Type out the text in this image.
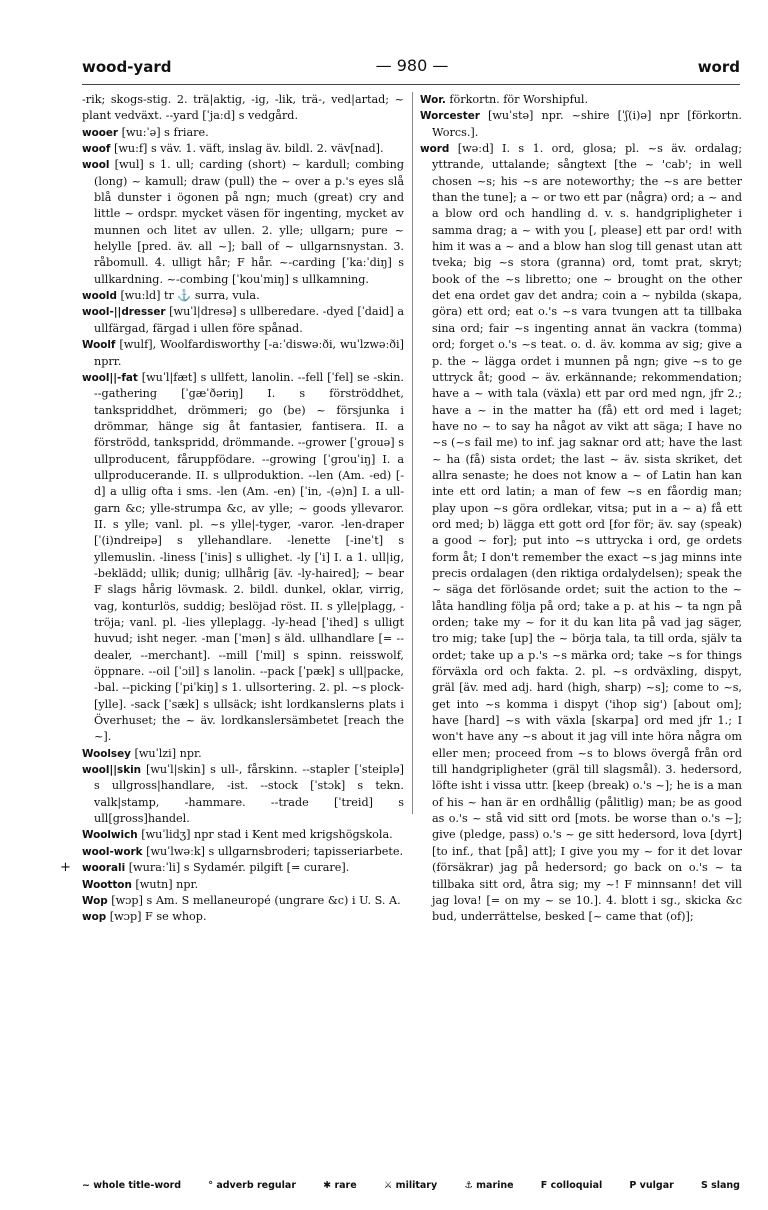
wood-yard	— 980 —	word

-rik; skogs-stig. 2. trä|aktig, -ig, -lik, trä-, ved|artad; ~ plant vedväxt. --yard [ˈjaːd] s vedgård.

wooer [wu:ˈə] s friare.

woof [wu:f] s väv. 1. väft, inslag äv. bildl. 2. väv[nad].

wool [wul] s 1. ull; carding (short) ~ kardull; combing (long) ~ kamull; draw (pull) the ~ over a p.'s eyes slå blå dunster i ögonen på ngn; much (great) cry and little ~ ordspr. mycket väsen för ingenting, mycket av munnen och litet av ullen. 2. ylle; ullgarn; pure ~ helylle [pred. äv. all ~]; ball of ~ ullgarnsnystan. 3. råbomull. 4. ulligt hår; F hår. ~-carding [ˈkaːˈdiŋ] s ullkardning. ~-combing [ˈkouˈmiŋ] s ullkamning.

woold [wu:ld] tr ⚓ surra, vula.

wool-||dresser [wuˈl|dresə] s ullberedare. -dyed [ˈdaid] a ullfärgad, färgad i ullen före spånad.

Woolf [wulf], Woolfardisworthy [-aːˈdiswəːði, wuˈlzwəːði] nprr.

wool||-fat [wuˈl|fæt] s ullfett, lanolin. --fell [ˈfel] se -skin. --gathering [ˈgæˈðəriŋ] I. s förströddhet, tankspriddhet, drömmeri; go (be) ~ försjunka i drömmar, hänge sig åt fantasier, fantisera. II. a förströdd, tankspridd, drömmande. --grower [ˈgrouə] s ullproducent, fåruppfödare. --growing [ˈgrouˈiŋ] I. a ullproducerande. II. s ullproduktion. --len (Am. -ed) [-d] a ullig ofta i sms. -len (Am. -en) [ˈin, -(ə)n] I. a ull-garn &c; ylle-strumpa &c, av ylle; ~ goods yllevaror. II. s ylle; vanl. pl. ~s ylle|-tyger, -varor. -len-draper [ˈ(i)ndreipə] s yllehandlare. -lenette [-ineˈt] s yllemuslin. -liness [ˈinis] s ullighet. -ly [ˈi] I. a 1. ull|ig, -beklädd; ullik; dunig; ullhårig [äv. -ly-haired]; ~ bear F slags hårig lövmask. 2. bildl. dunkel, oklar, virrig, vag, konturlös, suddig; beslöjad röst. II. s ylle|plagg, -tröja; vanl. pl. -lies ylleplagg. -ly-head [ˈihed] s ulligt huvud; isht neger. -man [ˈmən] s äld. ullhandlare [= --dealer, --merchant]. --mill [ˈmil] s spinn. reisswolf, öppnare. --oil [ˈɔil] s lanolin. --pack [ˈpæk] s ull|packe, -bal. --picking [ˈpiˈkiŋ] s 1. ullsortering. 2. pl. ~s plock-[ylle]. -sack [ˈsæk] s ullsäck; isht lordkanslerns plats i Överhuset; the ~ äv. lordkanslersämbetet [reach the ~].

Woolsey [wuˈlzi] npr.

wool||skin [wuˈl|skin] s ull-, fårskinn. --stapler [ˈsteiplə] s ullgross|handlare, -ist. --stock [ˈstɔk] s tekn. valk|stamp, -hammare. --trade [ˈtreid] s ull[gross]handel.

Woolwich [wuˈlidʒ] npr stad i Kent med krigshögskola.

wool-work [wuˈlwəːk] s ullgarnsbroderi; tapisseriarbete.

+ woorali [wuraːˈli] s Sydamér. pilgift [= curare].

Wootton [wutn] npr.

Wop [wɔp] s Am. S mellaneuropé (ungrare &c) i U. S. A.

wop [wɔp] F se whop.

Wor. förkortn. för Worshipful.

Worcester [wuˈstə] npr. ~shire [ˈʃ(i)ə] npr [förkortn. Worcs.].

word [wəːd] I. s 1. ord, glosa; pl. ~s äv. ordalag; yttrande, uttalande; sångtext [the ~ 'cab'; in well chosen ~s; his ~s are noteworthy; the ~s are better than the tune]; a ~ or two ett par (några) ord; a ~ and a blow ord och handling d. v. s. handgripligheter i samma drag; a ~ with you [, please] ett par ord! with him it was a ~ and a blow han slog till genast utan att tveka; big ~s stora (granna) ord, tomt prat, skryt; book of the ~s libretto; one ~ brought on the other det ena ordet gav det andra; coin a ~ nybilda (skapa, göra) ett ord; eat o.'s ~s vara tvungen att ta tillbaka sina ord; fair ~s ingenting annat än vackra (tomma) ord; forget o.'s ~s teat. o. d. äv. komma av sig; give a p. the ~ lägga ordet i munnen på ngn; give ~s to ge uttryck åt; good ~ äv. erkännande; rekommendation; have a ~ with tala (växla) ett par ord med ngn, jfr 2.; have a ~ in the matter ha (få) ett ord med i laget; have no ~ to say ha något av vikt att säga; I have no ~s (~s fail me) to inf. jag saknar ord att; have the last ~ ha (få) sista ordet; the last ~ äv. sista skriket, det allra senaste; he does not know a ~ of Latin han kan inte ett ord latin; a man of few ~s en fåordig man; play upon ~s göra ordlekar, vitsa; put in a ~ a) få ett ord med; b) lägga ett gott ord [for för; äv. say (speak) a good ~ for]; put into ~s uttrycka i ord, ge ordets form åt; I don't remember the exact ~s jag minns inte precis ordalagen (den riktiga ordalydelsen); speak the ~ säga det förlösande ordet; suit the action to the ~ låta handling följa på ord; take a p. at his ~ ta ngn på orden; take my ~ for it du kan lita på vad jag säger, tro mig; take [up] the ~ börja tala, ta till orda, själv ta ordet; take up a p.'s ~s märka ord; take ~s for things förväxla ord och fakta. 2. pl. ~s ordväxling, dispyt, gräl [äv. med adj. hard (high, sharp) ~s]; come to ~s, get into ~s komma i dispyt ('ihop sig') [about om]; have [hard] ~s with växla [skarpa] ord med jfr 1.; I won't have any ~s about it jag vill inte höra några om eller men; proceed from ~s to blows övergå från ord till handgripligheter (gräl till slagsmål). 3. hedersord, löfte isht i vissa uttr. [keep (break) o.'s ~]; he is a man of his ~ han är en ordhållig (pålitlig) man; be as good as o.'s ~ stå vid sitt ord [mots. be worse than o.'s ~]; give (pledge, pass) o.'s ~ ge sitt hedersord, lova [dyrt] [to inf., that [på] att]; I give you my ~ for it det lovar (försäkrar) jag på hedersord; go back on o.'s ~ ta tillbaka sitt ord, åtra sig; my ~! F minnsann! det vill jag lova! [= on my ~ se 10.]. 4. blott i sg., skicka &c bud, underrättelse, besked [~ came that (of)];

~ whole title-word	° adverb regular	✱ rare	⚔ military	⚓ marine	F colloquial	P vulgar	S slang
